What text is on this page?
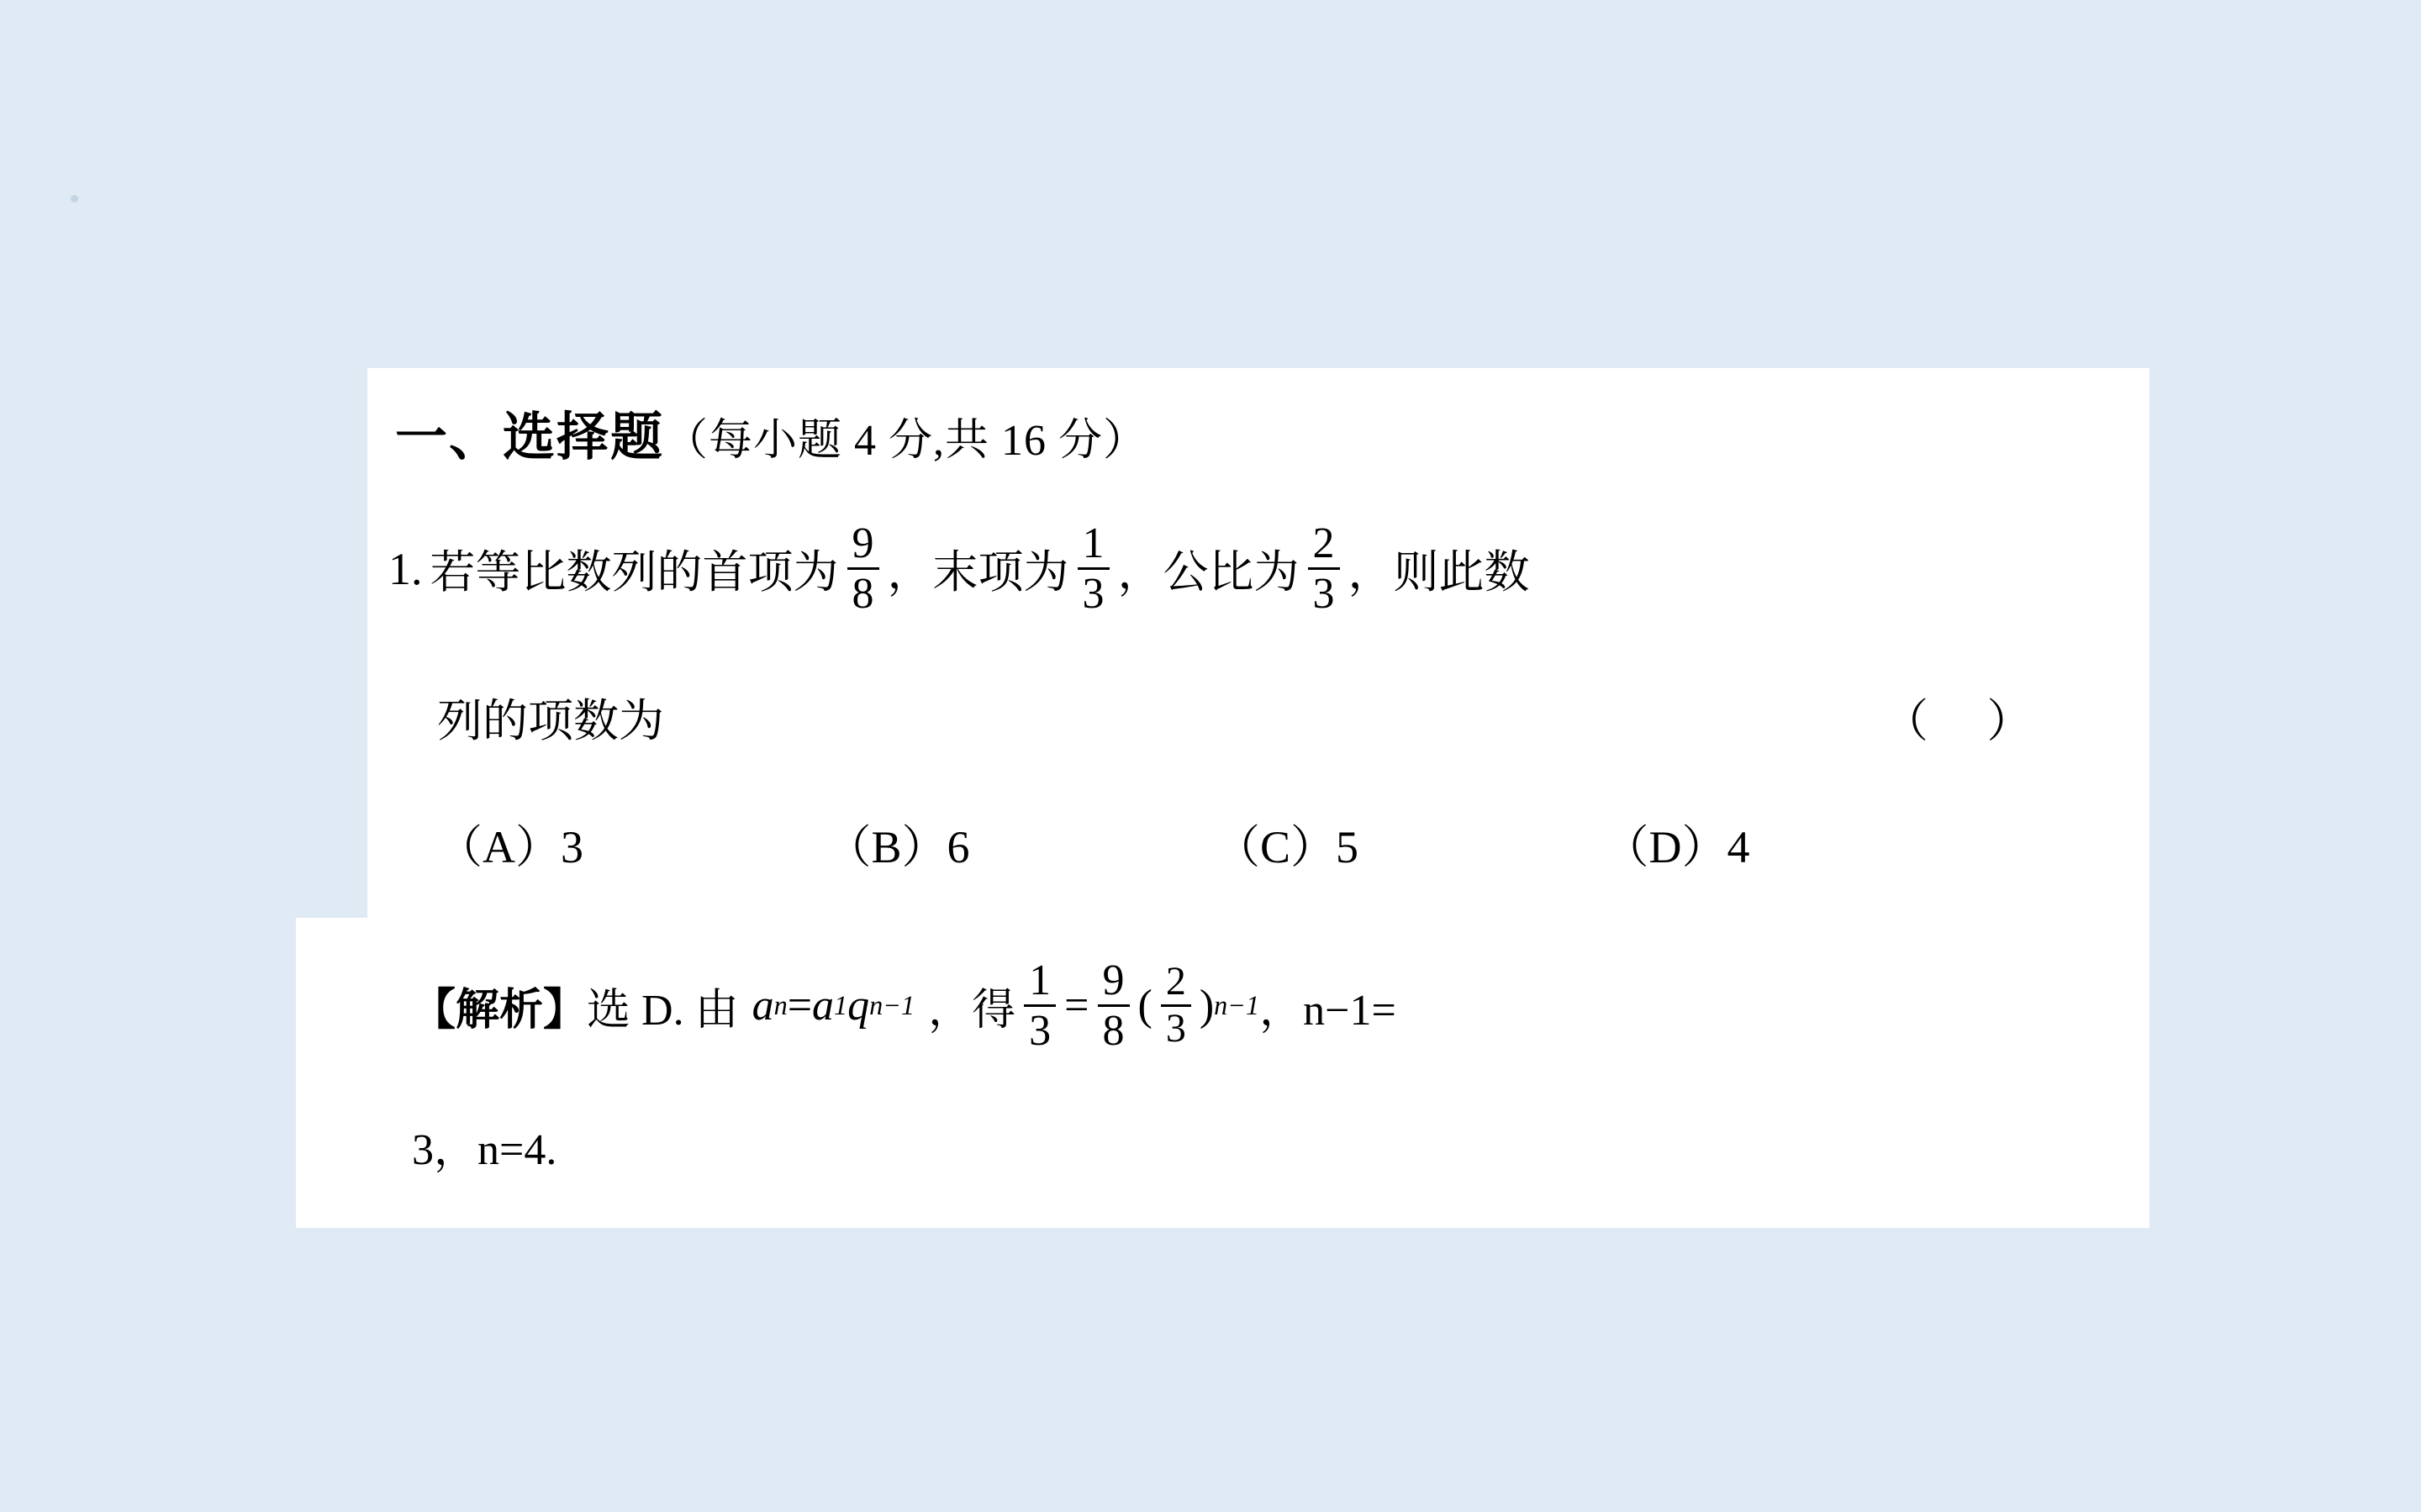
一、选择题（每小题 4 分,共 16 分）
1. 若等比数列的首项为 $\frac{9}{8}$ ，末项为 $\frac{1}{3}$ ，公比为 $\frac{2}{3}$ ，则此数
列的项数为	（ ）
（A）3	（B）6	（C）5	（D）4
【解析】 选 D. 由 a n = a 1 q n−1 ，得 $\frac{1}{3} = \frac{9}{8}$ ( $\frac{2}{3}$ ) n−1 ，n−1=
3，n=4.
